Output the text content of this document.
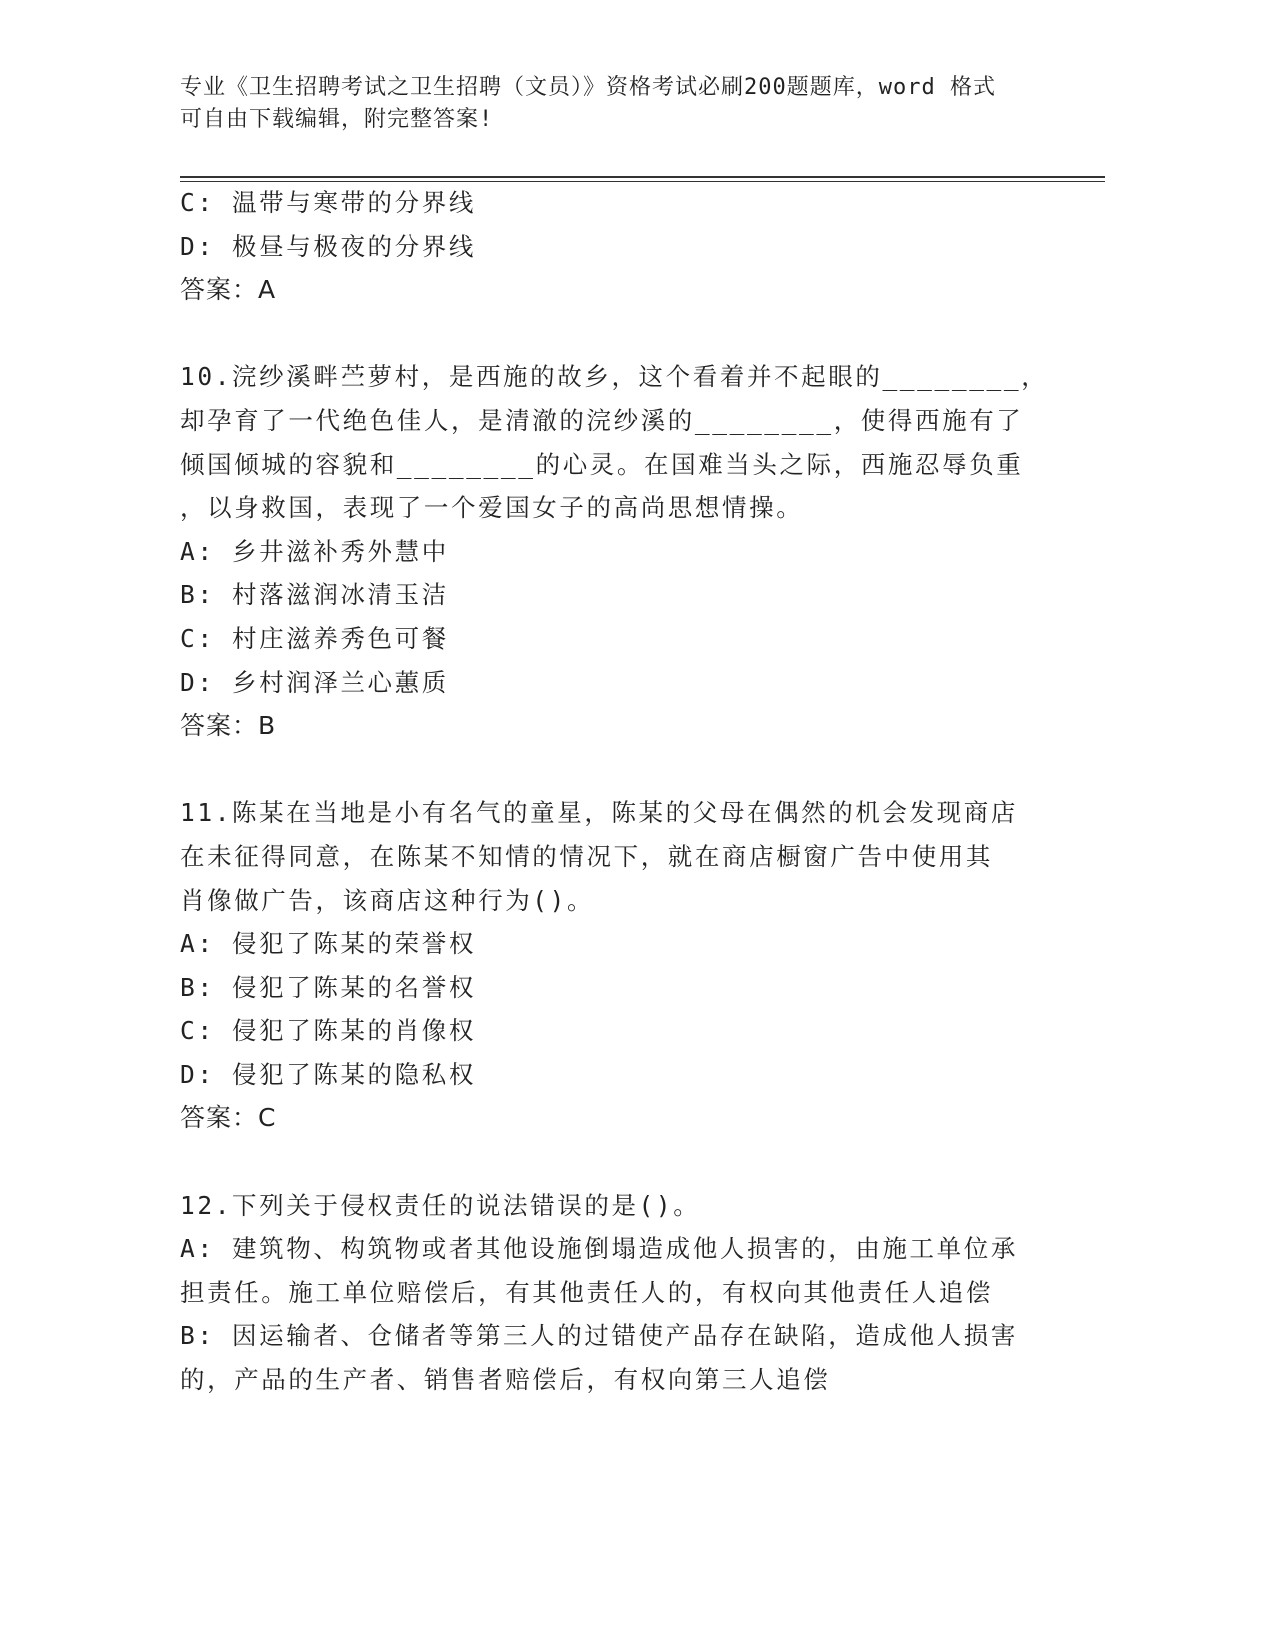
专业《卫生招聘考试之卫生招聘（文员）》资格考试必刷200题题库，word 格式
可自由下载编辑，附完整答案!
C: 温带与寒带的分界线
D: 极昼与极夜的分界线
答案：A
10.浣纱溪畔苎萝村，是西施的故乡，这个看着并不起眼的________，
却孕育了一代绝色佳人，是清澈的浣纱溪的________，使得西施有了
倾国倾城的容貌和________的心灵。在国难当头之际，西施忍辱负重
，以身救国，表现了一个爱国女子的高尚思想情操。
A: 乡井滋补秀外慧中
B: 村落滋润冰清玉洁
C: 村庄滋养秀色可餐
D: 乡村润泽兰心蕙质
答案：B
11.陈某在当地是小有名气的童星，陈某的父母在偶然的机会发现商店
在未征得同意，在陈某不知情的情况下，就在商店橱窗广告中使用其
肖像做广告，该商店这种行为()。
A: 侵犯了陈某的荣誉权
B: 侵犯了陈某的名誉权
C: 侵犯了陈某的肖像权
D: 侵犯了陈某的隐私权
答案：C
12.下列关于侵权责任的说法错误的是()。
A: 建筑物、构筑物或者其他设施倒塌造成他人损害的，由施工单位承
担责任。施工单位赔偿后，有其他责任人的，有权向其他责任人追偿
B: 因运输者、仓储者等第三人的过错使产品存在缺陷，造成他人损害
的，产品的生产者、销售者赔偿后，有权向第三人追偿
